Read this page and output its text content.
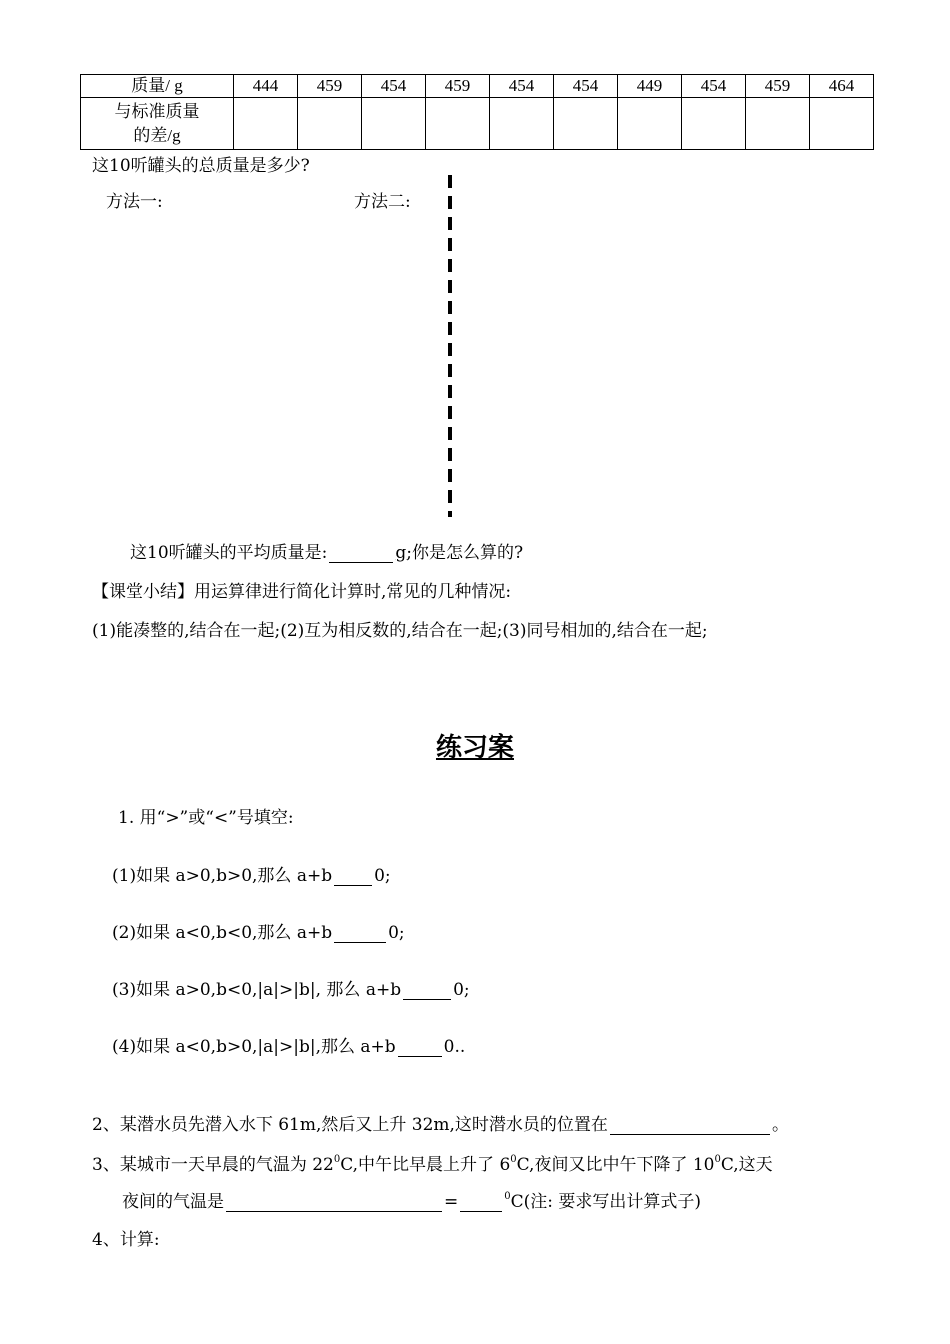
质量/ g	444	459	454	459	454	454	449	454	459	464
与标准质量的差/g										
这10听罐头的总质量是多少?
方法一:	方法二:
这10听罐头的平均质量是:	g;你是怎么算的?
【课堂小结】用运算律进行简化计算时,常见的几种情况:
(1)能凑整的,结合在一起;(2)互为相反数的,结合在一起;(3)同号相加的,结合在一起;
练习案
1. 用“>”或“<”号填空:
(1)如果 a>0,b>0,那么 a+b 0;
(2)如果 a<0,b<0,那么 a+b	0;
(3)如果 a>0,b<0,|a|>|b|, 那么 a+b	0;
(4)如果 a<0,b>0,|a|>|b|,那么 a+b	0..
2、某潜水员先潜入水下 61m,然后又上升 32m,这时潜水员的位置在	。
3、某城市一天早晨的气温为 $22^0C$,中午比早晨上升了 $6^0C$,夜间又比中午下降了 $10^0C$,这天
夜间的气温是	=	$^0$C(注: 要求写出计算式子)
4、计算:
